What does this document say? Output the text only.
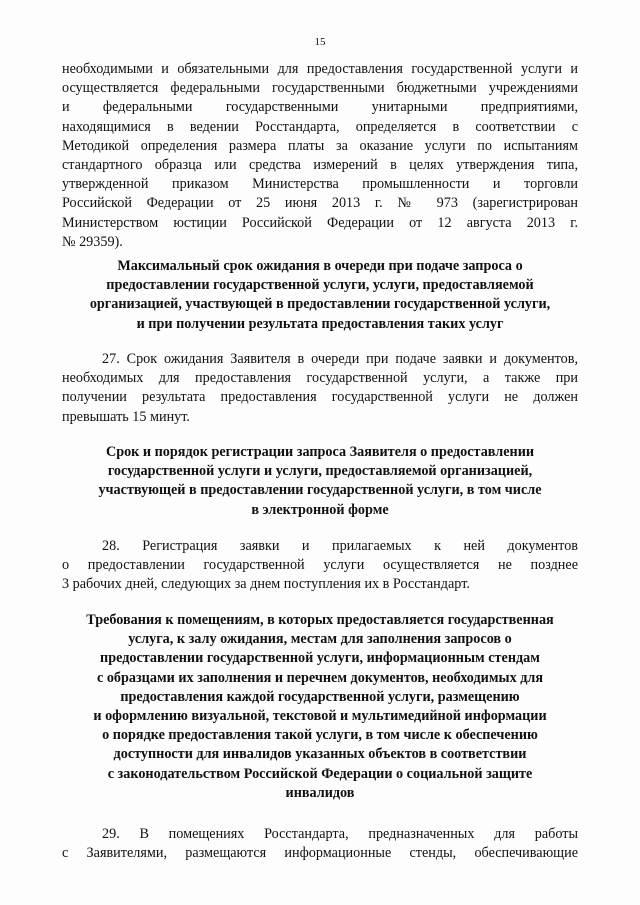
15
необходимыми и обязательными для предоставления государственной услуги и
осуществляется федеральными государственными бюджетными учреждениями
и федеральными государственными унитарными предприятиями,
находящимися в ведении Росстандарта, определяется в соответствии с
Методикой определения размера платы за оказание услуги по испытаниям
стандартного образца или средства измерений в целях утверждения типа,
утвержденной приказом Министерства промышленности и торговли
Российской Федерации от 25 июня 2013 г. № 973 (зарегистрирован
Министерством юстиции Российской Федерации от 12 августа 2013 г.
№ 29359).
Максимальный срок ожидания в очереди при подаче запроса о
предоставлении государственной услуги, услуги, предоставляемой
организацией, участвующей в предоставлении государственной услуги,
и при получении результата предоставления таких услуг
27. Срок ожидания Заявителя в очереди при подаче заявки и документов,
необходимых для предоставления государственной услуги, а также при
получении результата предоставления государственной услуги не должен
превышать 15 минут.
Срок и порядок регистрации запроса Заявителя о предоставлении
государственной услуги и услуги, предоставляемой организацией,
участвующей в предоставлении государственной услуги, в том числе
в электронной форме
28. Регистрация заявки и прилагаемых к ней документов
о предоставлении государственной услуги осуществляется не позднее
3 рабочих дней, следующих за днем поступления их в Росстандарт.
Требования к помещениям, в которых предоставляется государственная
услуга, к залу ожидания, местам для заполнения запросов о
предоставлении государственной услуги, информационным стендам
с образцами их заполнения и перечнем документов, необходимых для
предоставления каждой государственной услуги, размещению
и оформлению визуальной, текстовой и мультимедийной информации
о порядке предоставления такой услуги, в том числе к обеспечению
доступности для инвалидов указанных объектов в соответствии
с законодательством Российской Федерации о социальной защите
инвалидов
29. В помещениях Росстандарта, предназначенных для работы
с Заявителями, размещаются информационные стенды, обеспечивающие
